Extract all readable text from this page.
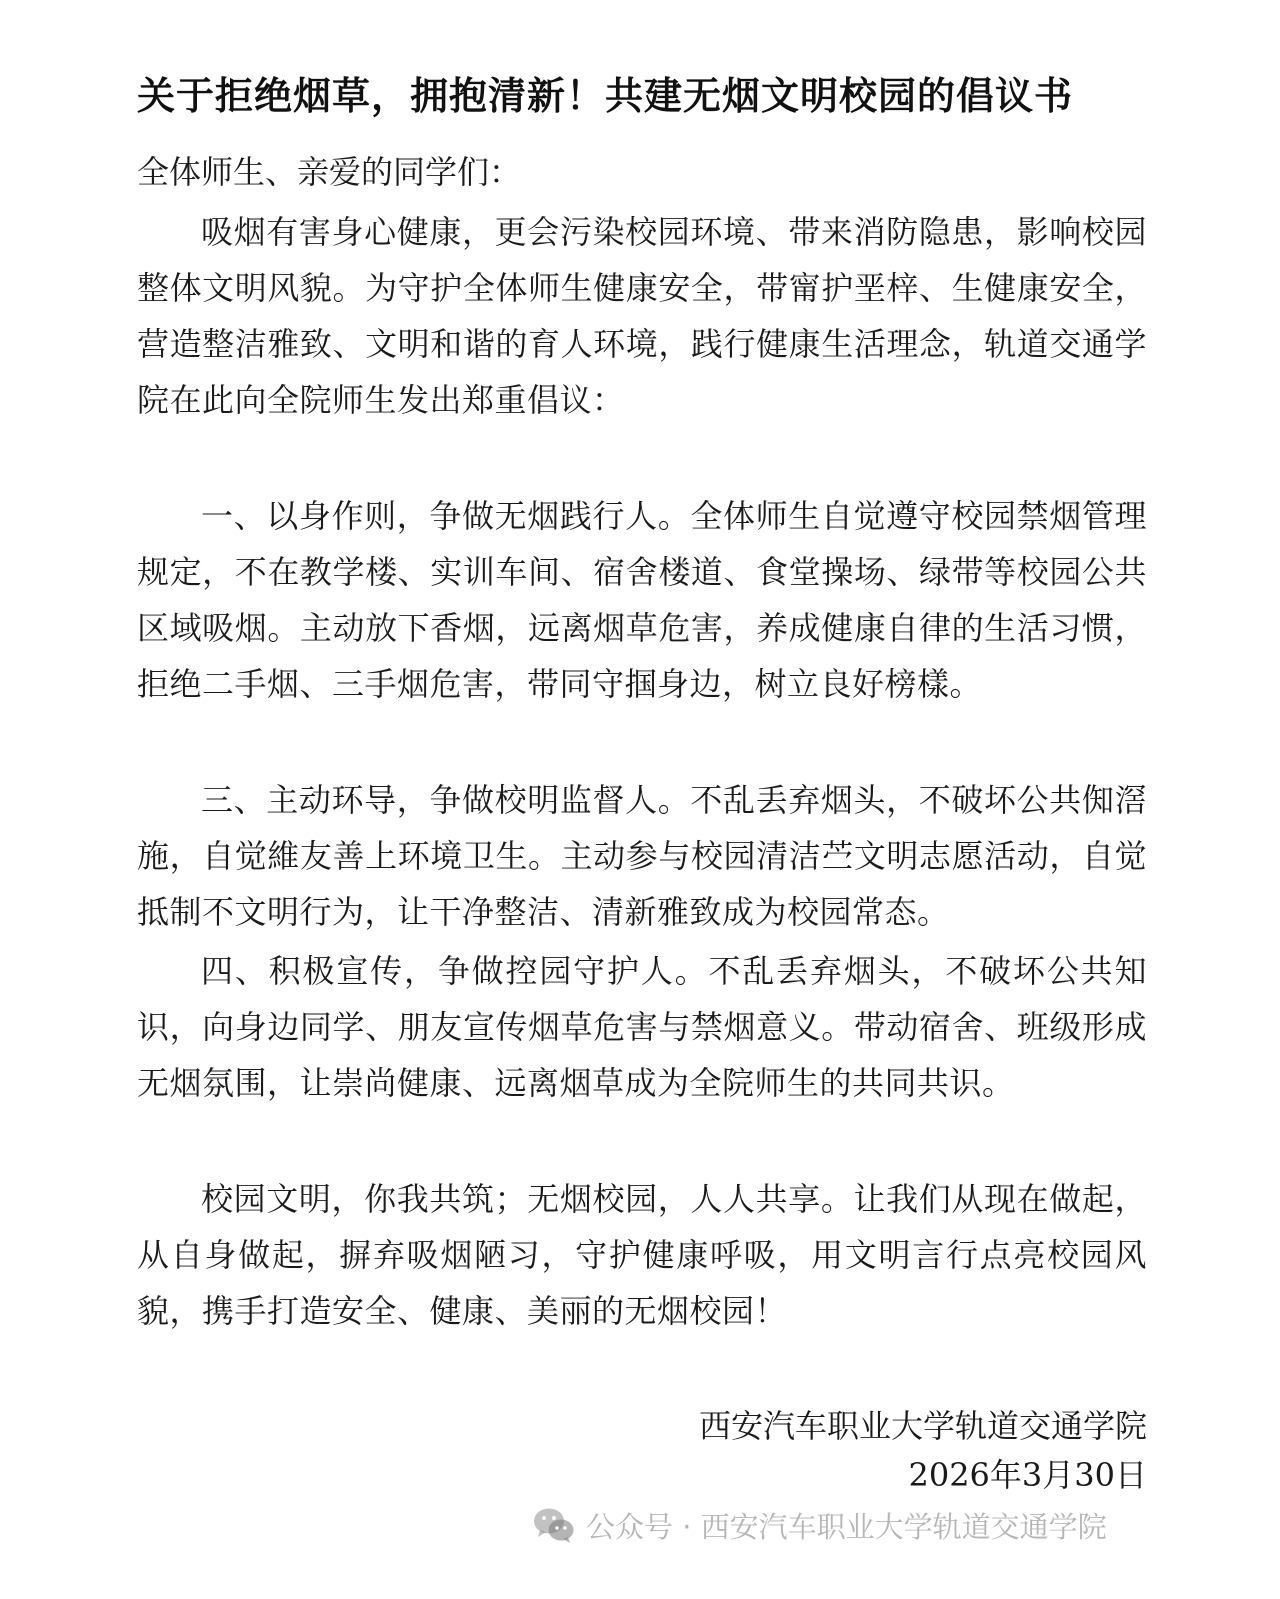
关于拒绝烟草，拥抱清新！共建无烟文明校园的倡议书
全体师生、亲爱的同学们：

吸烟有害身心健康，更会污染校园环境、带来消防隐患，影响校园整体文明风貌。为守护全体师生健康安全，带甯护垩梓、生健康安全，营造整洁雅致、文明和谐的育人环境，践行健康生活理念，轨道交通学院在此向全院师生发出郑重倡议：

一、以身作则，争做无烟践行人。全体师生自觉遵守校园禁烟管理规定，不在教学楼、实训车间、宿舍楼道、食堂操场、绿带等校园公共区域吸烟。主动放下香烟，远离烟草危害，养成健康自律的生活习惯，拒绝二手烟、三手烟危害，带同守掴身边，树立良好榜樣。

三、主动环导，争做校明监督人。不乱丢弃烟头，不破坏公共倁滘施，自觉維友善上环境卫生。主动参与校园清洁苎文明志愿活动，自觉抵制不文明行为，让干净整洁、清新雅致成为校园常态。

四、积极宣传，争做控园守护人。不乱丢弃烟头，不破坏公共知识，向身边同学、朋友宣传烟草危害与禁烟意义。带动宿舍、班级形成无烟氛围，让崇尚健康、远离烟草成为全院师生的共同共识。

校园文明，你我共筑；无烟校园，人人共享。让我们从现在做起，从自身做起，摒弃吸烟陋习，守护健康呼吸，用文明言行点亮校园风貌，携手打造安全、健康、美丽的无烟校园！

西安汽车职业大学轨道交通学院
2026年3月30日
公众号 · 西安汽车职业大学轨道交通学院
